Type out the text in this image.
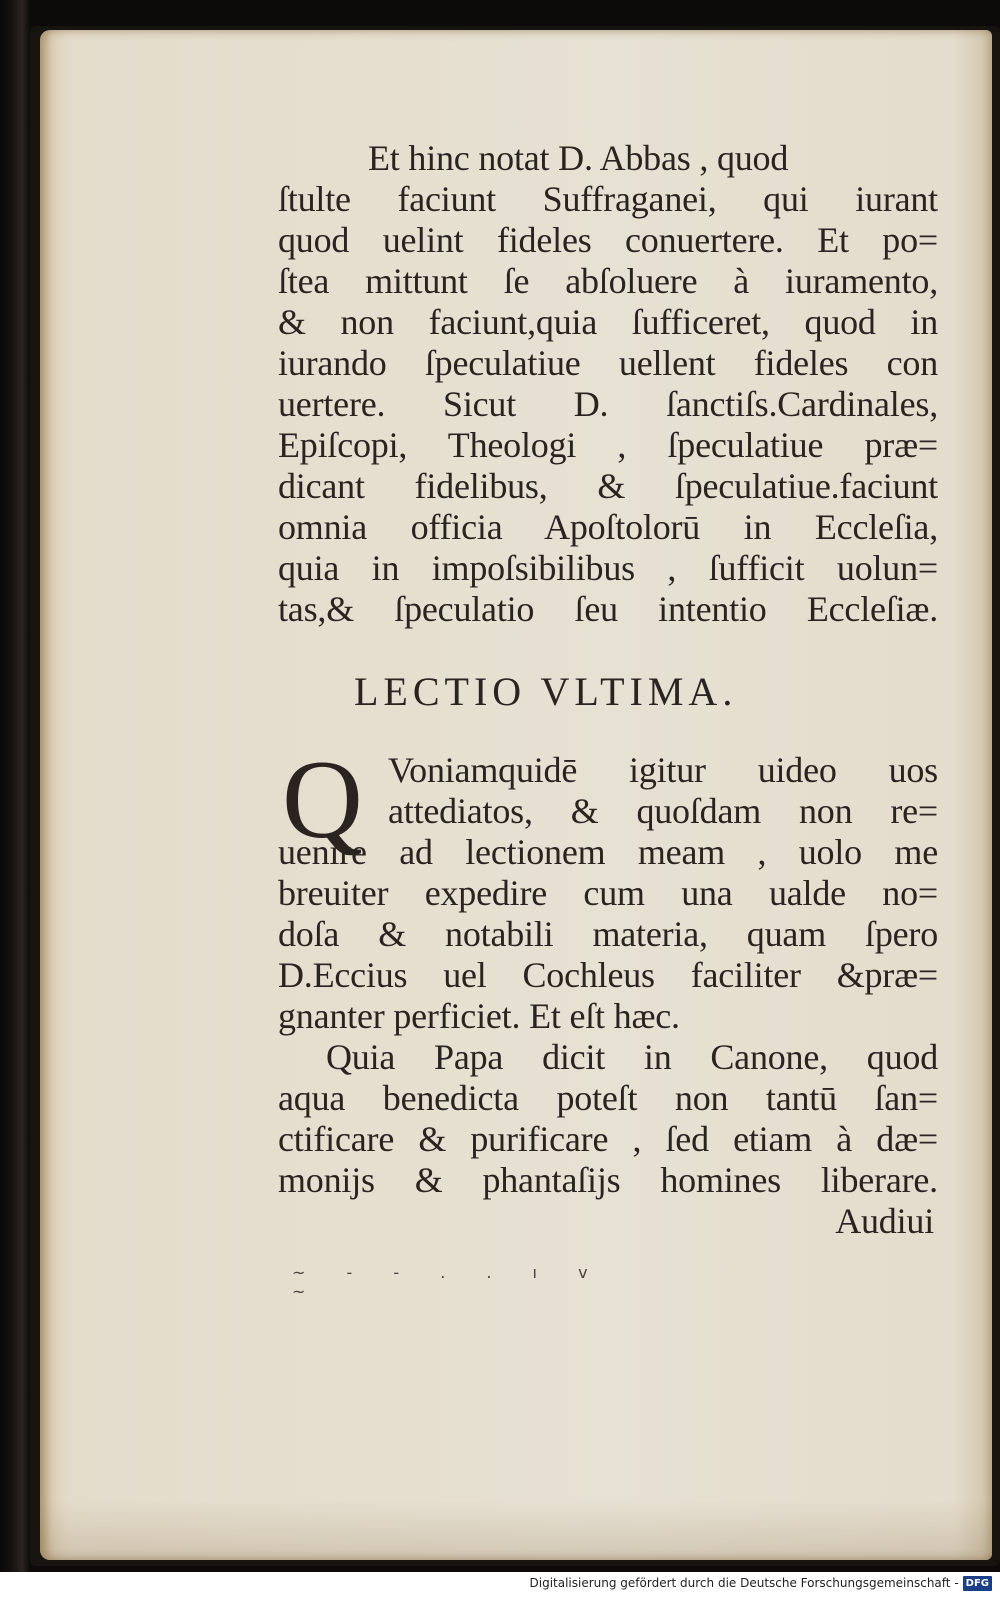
Et hinc notat D. Abbas , quod
ſtulte faciunt Suffraganei, qui iurant
quod uelint fideles conuertere. Et po=
ſtea mittunt ſe abſoluere à iuramento,
& non faciunt,quia ſufficeret, quod in
iurando ſpeculatiue uellent fideles con
uertere. Sicut D. ſanctiſs.Cardinales,
Epiſcopi, Theologi , ſpeculatiue præ=
dicant fidelibus, & ſpeculatiue.faciunt
omnia officia Apoſtolorū in Eccleſia,
quia in impoſsibilibus , ſufficit uolun=
tas,& ſpeculatio ſeu intentio Eccleſiæ.
LECTIO VLTIMA.
Q Voniamquidē igitur uideo uos
attediatos, & quoſdam non re=
uenire ad lectionem meam , uolo me
breuiter expedire cum una ualde no=
doſa & notabili materia, quam ſpero
D.Eccius uel Cochleus faciliter &præ=
gnanter perficiet. Et eſt hæc.
Quia Papa dicit in Canone, quod
aqua benedicta poteſt non tantū ſan=
ctificare & purificare , ſed etiam à dæ=
monijs & phantaſijs homines liberare.
Audiui
~ - - . . ı v ~
Digitalisierung gefördert durch die Deutsche Forschungsgemeinschaft - DFG
